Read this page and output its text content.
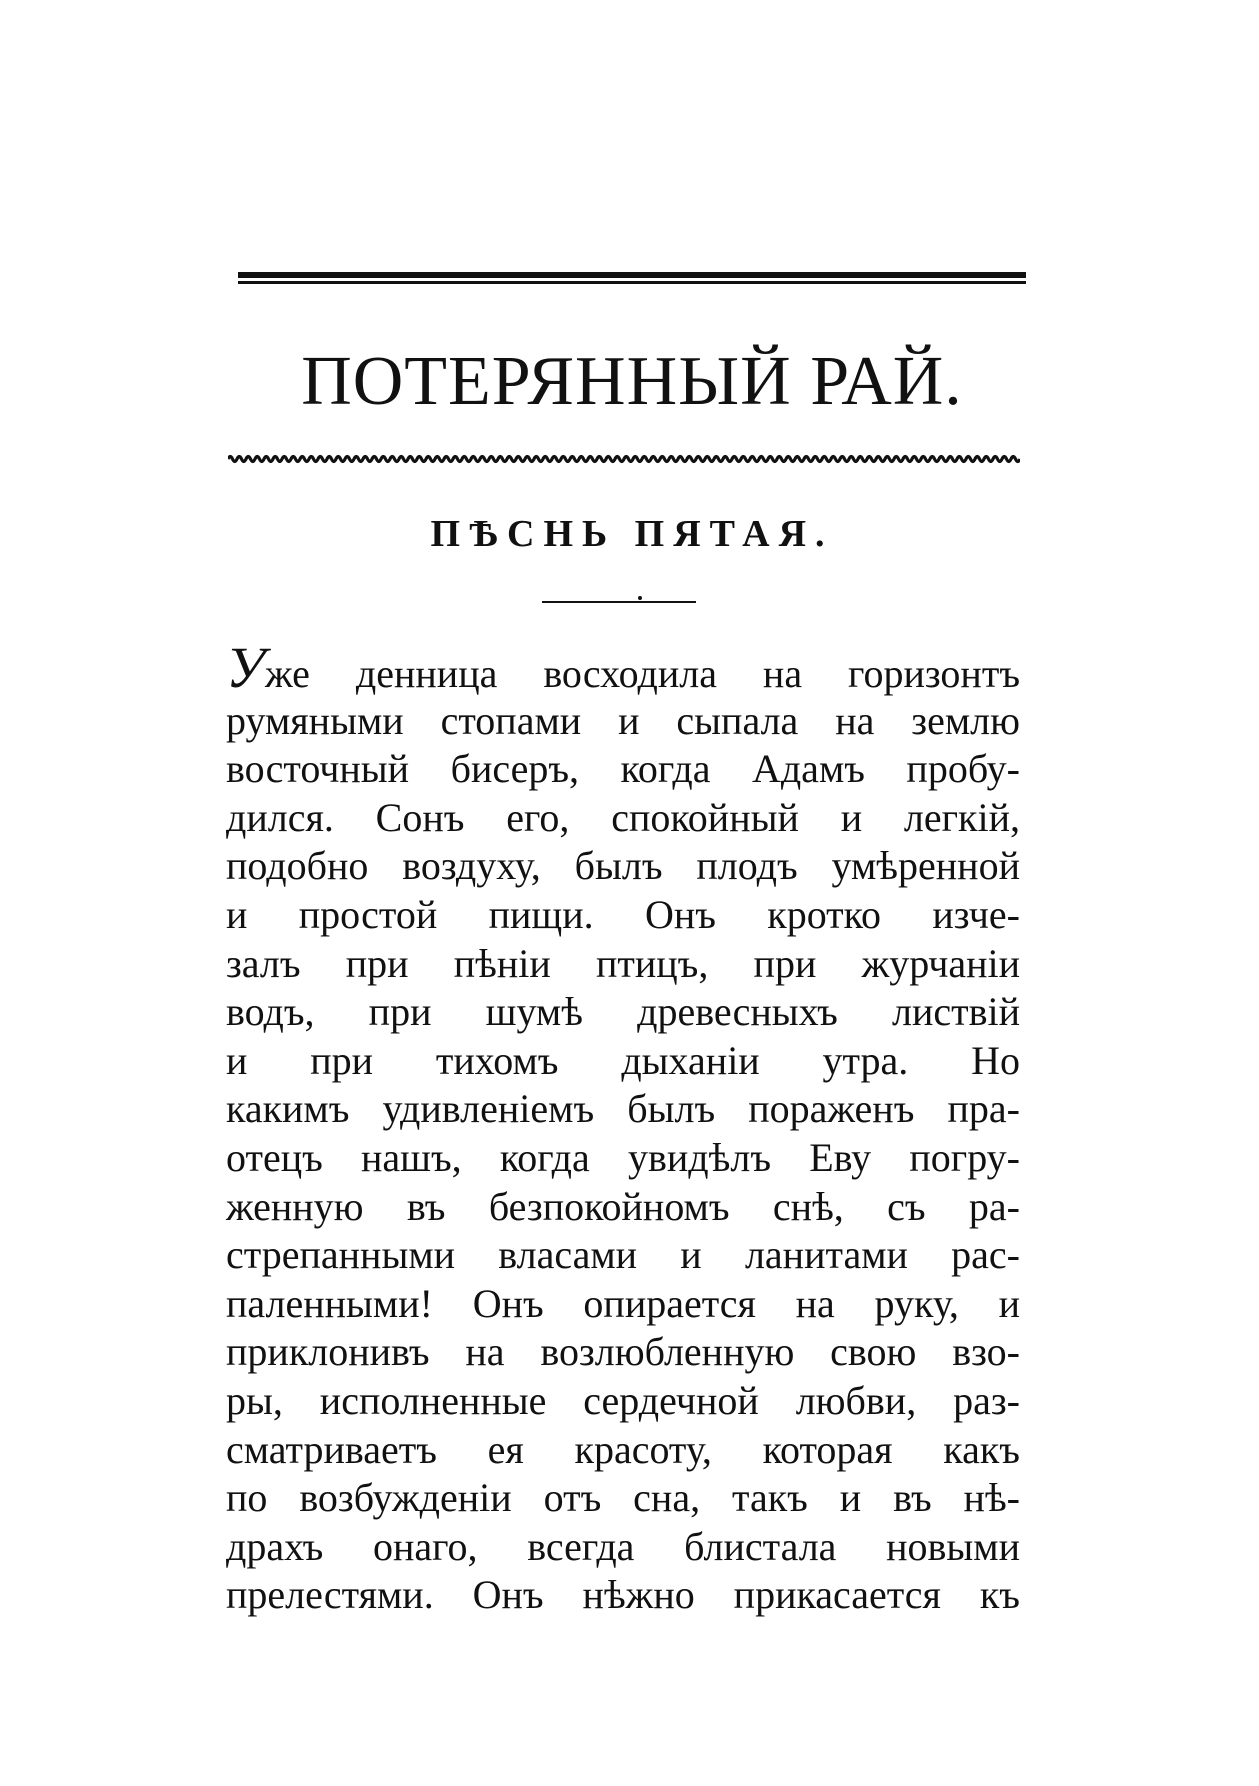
ПОТЕРЯННЫЙ РАЙ.
ПѢСНЬ ПЯТАЯ.
Уже денница восходила на горизонтъ
румяными стопами и сыпала на землю
восточный бисеръ, когда Адамъ пробу-
дился. Сонъ его, спокойный и легкій,
подобно воздуху, былъ плодъ умѣренной
и простой пищи. Онъ кротко изче-
залъ при пѣніи птицъ, при журчаніи
водъ, при шумѣ древесныхъ листвій
и при тихомъ дыханіи утра. Но
какимъ удивленіемъ былъ пораженъ пра-
отецъ нашъ, когда увидѣлъ Еву погру-
женную въ безпокойномъ снѣ, съ ра-
стрепанными власами и ланитами рас-
паленными! Онъ опирается на руку, и
приклонивъ на возлюбленную свою взо-
ры, исполненные сердечной любви, раз-
сматриваетъ ея красоту, которая какъ
по возбужденіи отъ сна, такъ и въ нѣ-
драхъ онаго, всегда блистала новыми
прелестями. Онъ нѣжно прикасается къ
